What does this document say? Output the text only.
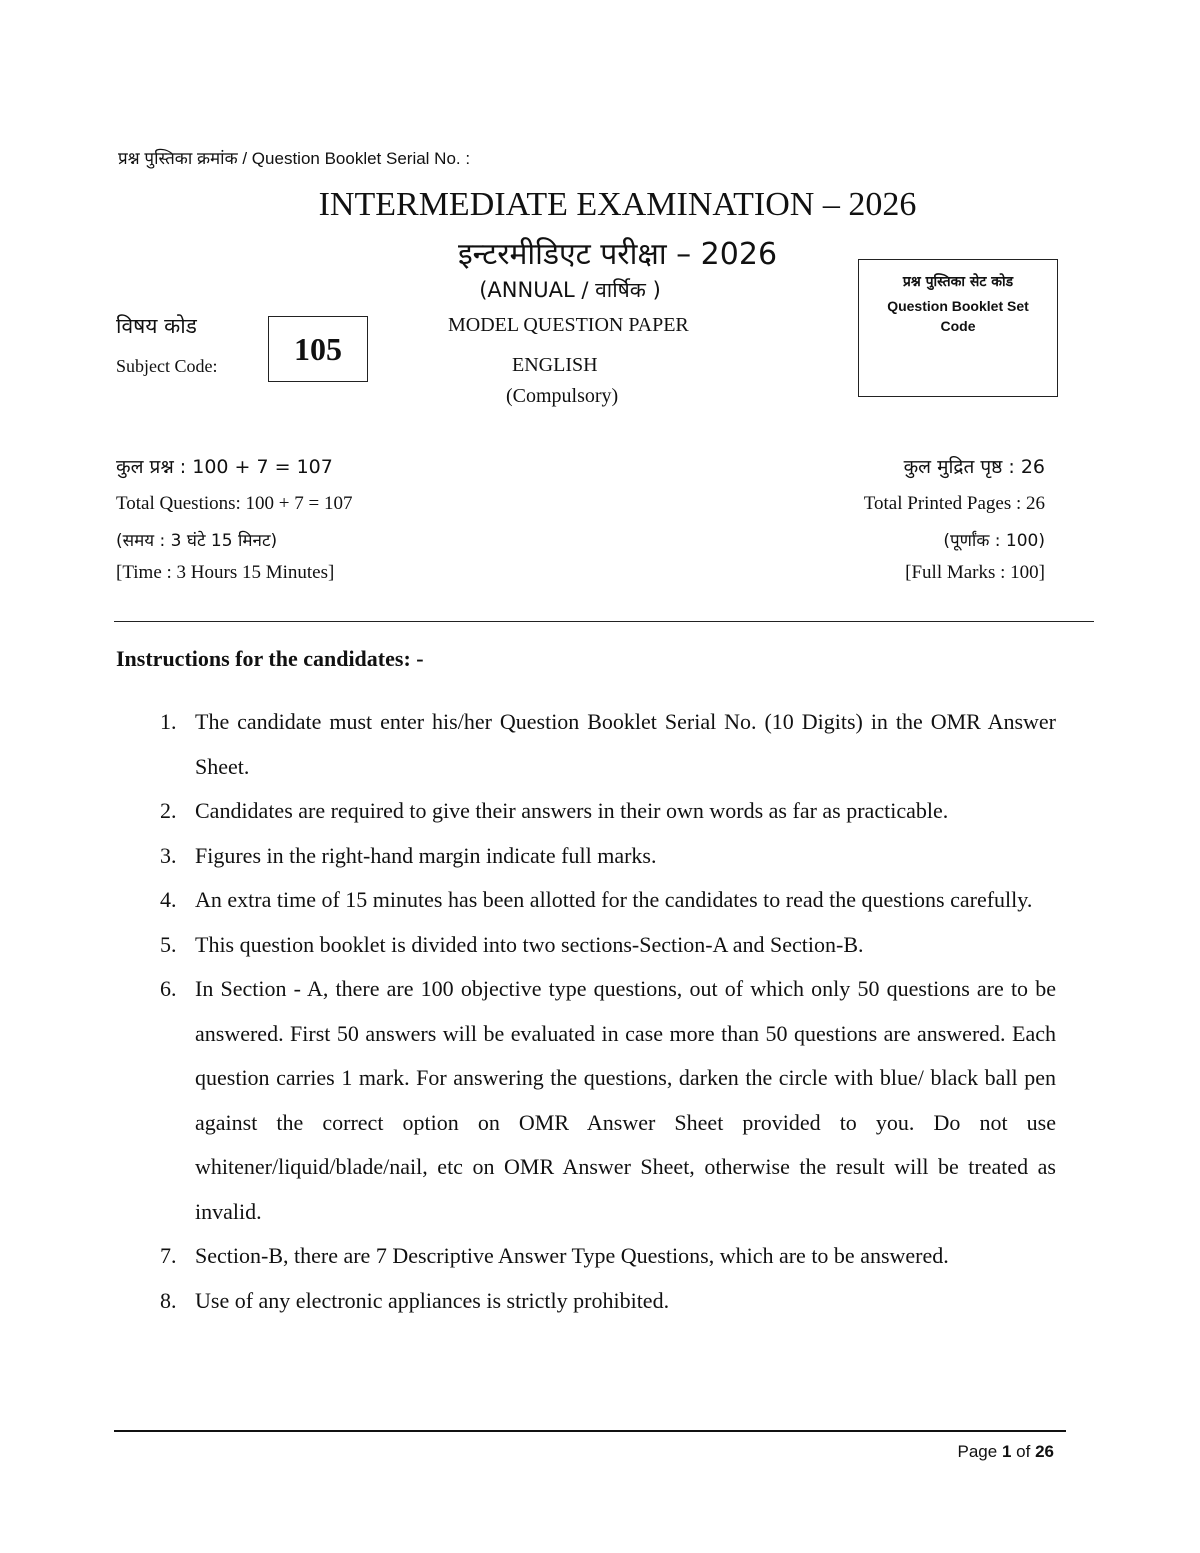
प्रश्न पुस्तिका क्रमांक / Question Booklet Serial No. :
INTERMEDIATE EXAMINATION – 2026
इन्टरमीडिएट परीक्षा – 2026
(ANNUAL / वार्षिक )
विषय कोड
Subject Code: 105
MODEL QUESTION PAPER
ENGLISH
(Compulsory)
प्रश्न पुस्तिका सेट कोड
Question Booklet Set Code
कुल प्रश्न : 100 + 7 = 107
Total Questions: 100 + 7 = 107
(समय : 3 घंटे 15 मिनट)
[Time : 3 Hours 15 Minutes]
कुल मुद्रित पृष्ठ : 26
Total Printed Pages : 26
(पूर्णांक : 100)
[Full Marks : 100]
Instructions for the candidates: -
1. The candidate must enter his/her Question Booklet Serial No. (10 Digits) in the OMR Answer Sheet.
2. Candidates are required to give their answers in their own words as far as practicable.
3. Figures in the right-hand margin indicate full marks.
4. An extra time of 15 minutes has been allotted for the candidates to read the questions carefully.
5. This question booklet is divided into two sections-Section-A and Section-B.
6. In Section - A, there are 100 objective type questions, out of which only 50 questions are to be answered. First 50 answers will be evaluated in case more than 50 questions are answered. Each question carries 1 mark. For answering the questions, darken the circle with blue/ black ball pen against the correct option on OMR Answer Sheet provided to you. Do not use whitener/liquid/blade/nail, etc on OMR Answer Sheet, otherwise the result will be treated as invalid.
7. Section-B, there are 7 Descriptive Answer Type Questions, which are to be answered.
8. Use of any electronic appliances is strictly prohibited.
Page 1 of 26
